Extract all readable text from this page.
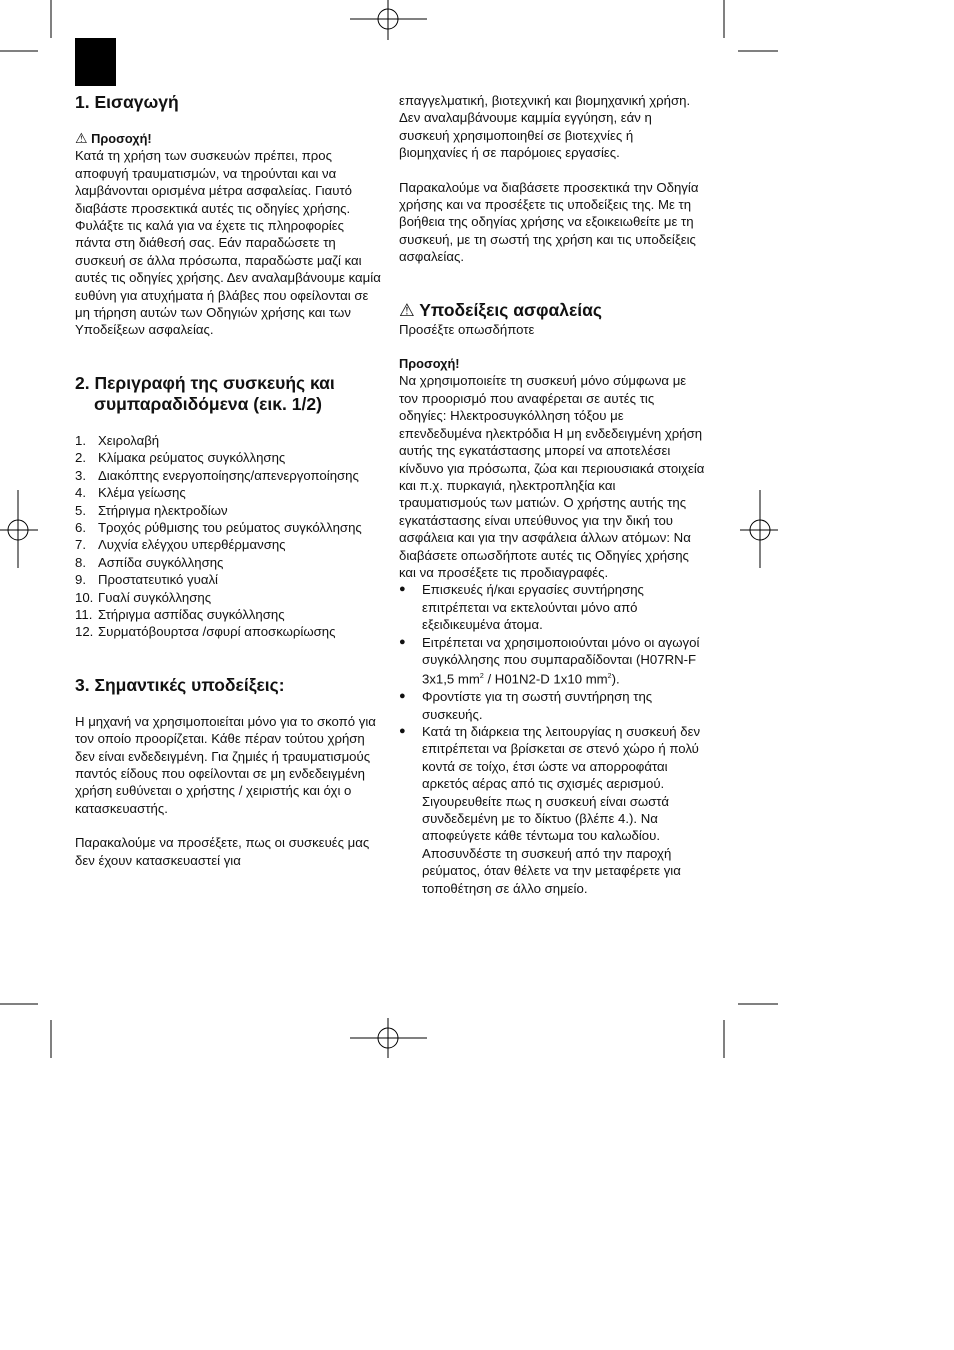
1. Εισαγωγή

⚠ Προσοχή!

Κατά τη χρήση των συσκευών πρέπει, προς αποφυγή τραυματισμών, να τηρούνται και να λαμβάνονται ορισμένα μέτρα ασφαλείας. Γιαυτό διαβάστε προσεκτικά αυτές τις οδηγίες χρήσης. Φυλάξτε τις καλά για να έχετε τις πληροφορίες πάντα στη διάθεσή σας. Εάν παραδώσετε τη συσκευή σε άλλα πρόσωπα, παραδώστε μαζί και αυτές τις οδηγίες χρήσης. Δεν αναλαμβάνουμε καμία ευθύνη για ατυχήματα ή βλάβες που οφείλονται σε μη τήρηση αυτών των Οδηγιών χρήσης και των Υποδείξεων ασφαλείας.

2. Περιγραφή της συσκευής και συμπαραδιδόμενα (εικ. 1/2)
1. Χειρολαβή
2. Κλίμακα ρεύματος συγκόλλησης
3. Διακόπτης ενεργοποίησης/απενεργοποίησης
4. Κλέμα γείωσης
5. Στήριγμα ηλεκτροδίων
6. Τροχός ρύθμισης του ρεύματος συγκόλλησης
7. Λυχνία ελέγχου υπερθέρμανσης
8. Ασπίδα συγκόλλησης
9. Προστατευτικό γυαλί
10. Γυαλί συγκόλλησης
11. Στήριγμα ασπίδας συγκόλλησης
12. Συρματόβουρτσα /σφυρί αποσκωρίωσης
3. Σημαντικές υποδείξεις:

Η μηχανή να χρησιμοποιείται μόνο για το σκοπό για τον οποίο προορίζεται. Κάθε πέραν τούτου χρήση δεν είναι ενδεδειγμένη. Για ζημιές ή τραυματισμούς παντός είδους που οφείλονται σε μη ενδεδειγμένη χρήση ευθύνεται ο χρήστης / χειριστής και όχι ο κατασκευαστής.

Παρακαλούμε να προσέξετε, πως οι συσκευές μας δεν έχουν κατασκευαστεί για

επαγγελματική, βιοτεχνική και βιομηχανική χρήση. Δεν αναλαμβάνουμε καμμία εγγύηση, εάν η συσκευή χρησιμοποιηθεί σε βιοτεχνίες ή βιομηχανίες ή σε παρόμοιες εργασίες.

Παρακαλούμε να διαβάσετε προσεκτικά την Οδηγία χρήσης και να προσέξετε τις υποδείξεις της. Με τη βοήθεια της οδηγίας χρήσης να εξοικειωθείτε με τη συσκευή, με τη σωστή της χρήση και τις υποδείξεις ασφαλείας.

⚠ Υποδείξεις ασφαλείας

Προσέξτε οπωσδήποτε

Προσοχή!

Να χρησιμοποιείτε τη συσκευή μόνο σύμφωνα με τον προορισμό που αναφέρεται σε αυτές τις οδηγίες: Ηλεκτροσυγκόλληση τόξου με επενδεδυμένα ηλεκτρόδια Η μη ενδεδειγμένη χρήση αυτής της εγκατάστασης μπορεί να αποτελέσει κίνδυνο για πρόσωπα, ζώα και περιουσιακά στοιχεία και π.χ. πυρκαγιά, ηλεκτροπληξία και τραυματισμούς των ματιών. Ο χρήστης αυτής της εγκατάστασης είναι υπεύθυνος για την δική του ασφάλεια και για την ασφάλεια άλλων ατόμων: Να διαβάσετε οπωσδήποτε αυτές τις Οδηγίες χρήσης και να προσέξετε τις προδιαγραφές.

●	Επισκευές ή/και εργασίες συντήρησης επιτρέπεται να εκτελούνται μόνο από εξειδικευμένα άτομα.
●	Ειτρέπεται να χρησιμοποιούνται μόνο οι αγωγοί συγκόλλησης που συμπαραδίδονται (H07RN-F 3x1,5 $mm^2 / H01N2-D$ 1x10 $mm^2$).
●	Φροντίστε για τη σωστή συντήρηση της συσκευής.
●	Κατά τη διάρκεια της λειτουργίας η συσκευή δεν επιτρέπεται να βρίσκεται σε στενό χώρο ή πολύ κοντά σε τοίχο, έτσι ώστε να απορροφάται αρκετός αέρας από τις σχισμές αερισμού. Σιγουρευθείτε πως η συσκευή είναι σωστά συνδεδεμένη με το δίκτυο (βλέπε 4.). Να αποφεύγετε κάθε τέντωμα του καλωδίου. Αποσυνδέστε τη συσκευή από την παροχή ρεύματος, όταν θέλετε να την μεταφέρετε για τοποθέτηση σε άλλο σημείο.
